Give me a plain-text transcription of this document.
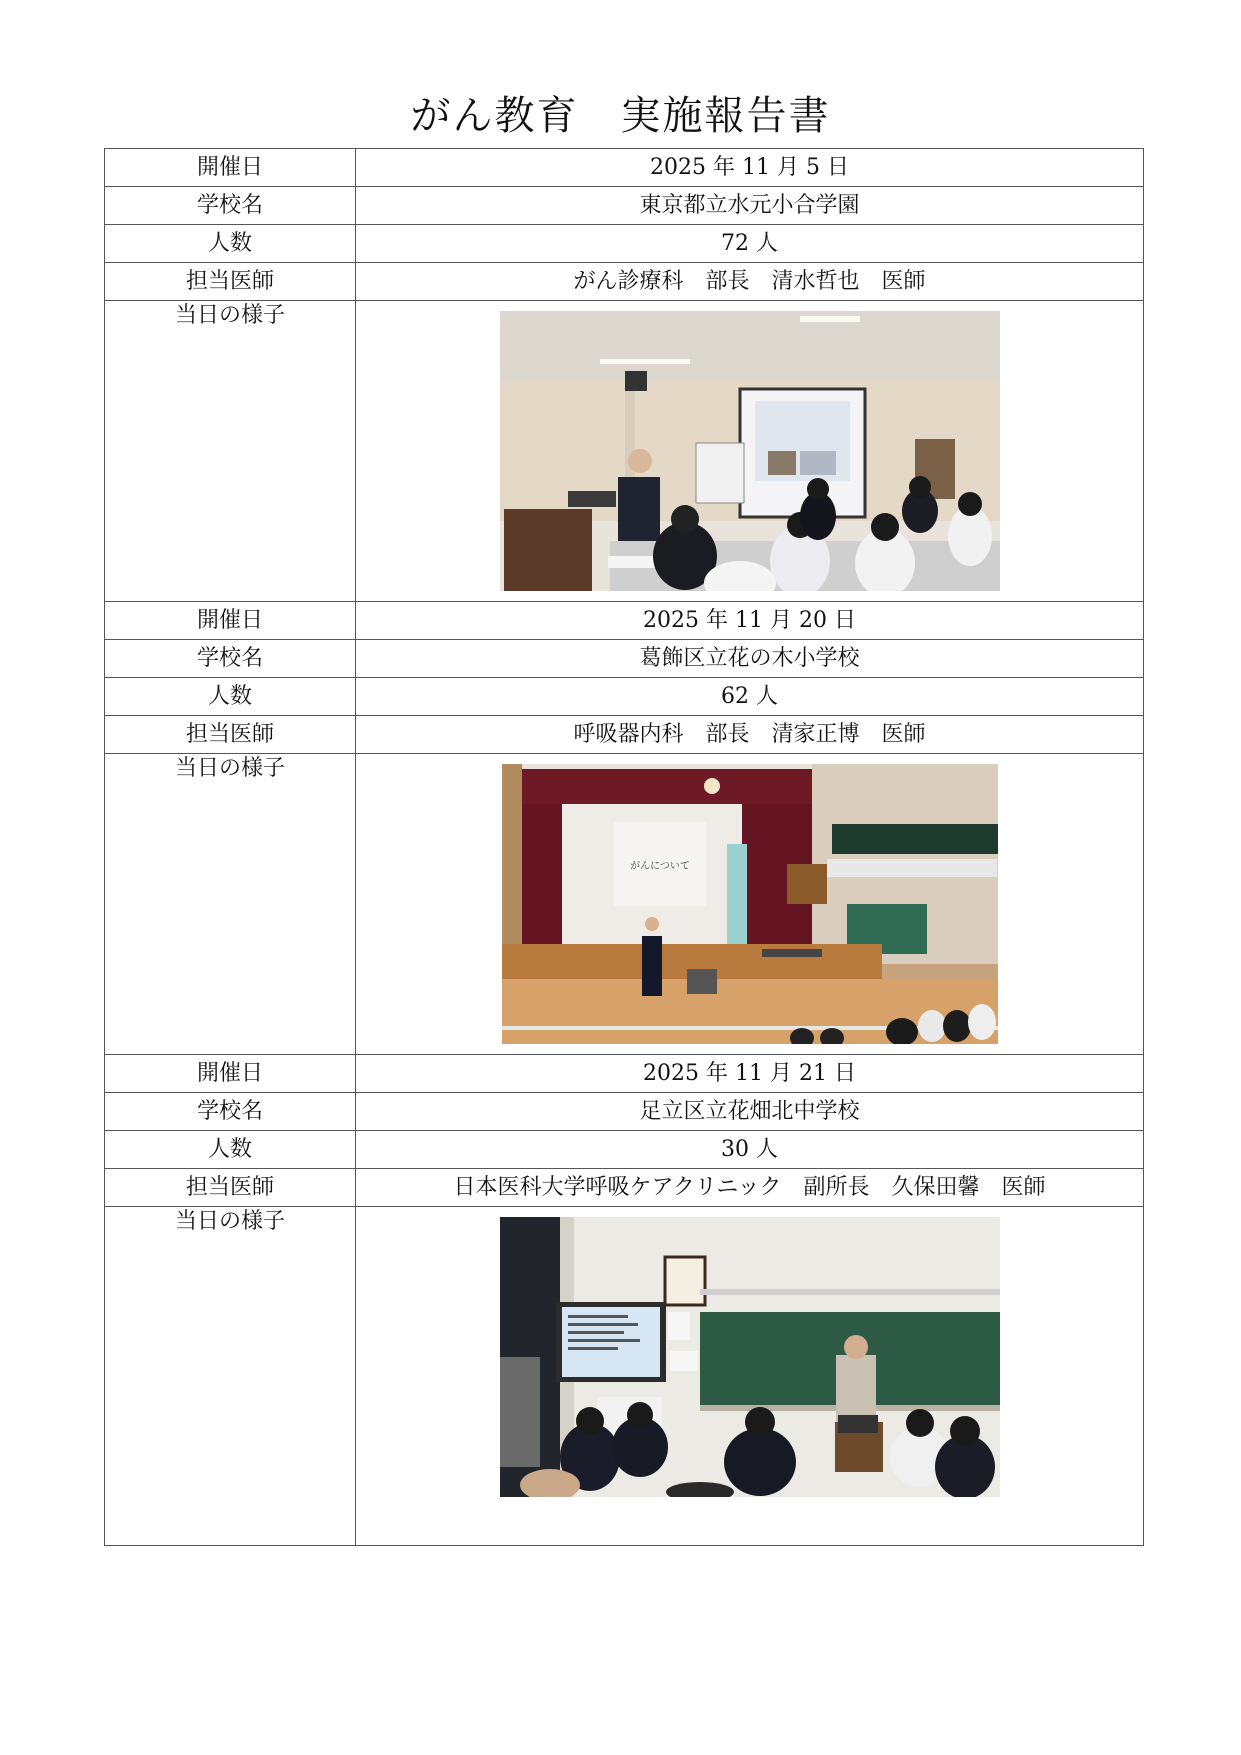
がん教育　実施報告書
開催日	2025 年 11 月 5 日
学校名	東京都立水元小合学園
人数	72 人
担当医師	がん診療科　部長　清水哲也　医師
当日の様子	

開催日	2025 年 11 月 20 日
学校名	葛飾区立花の木小学校
人数	62 人
担当医師	呼吸器内科　部長　清家正博　医師
当日の様子	がんについて

開催日	2025 年 11 月 21 日
学校名	足立区立花畑北中学校
人数	30 人
担当医師	日本医科大学呼吸ケアクリニック　副所長　久保田馨　医師
当日の様子	
